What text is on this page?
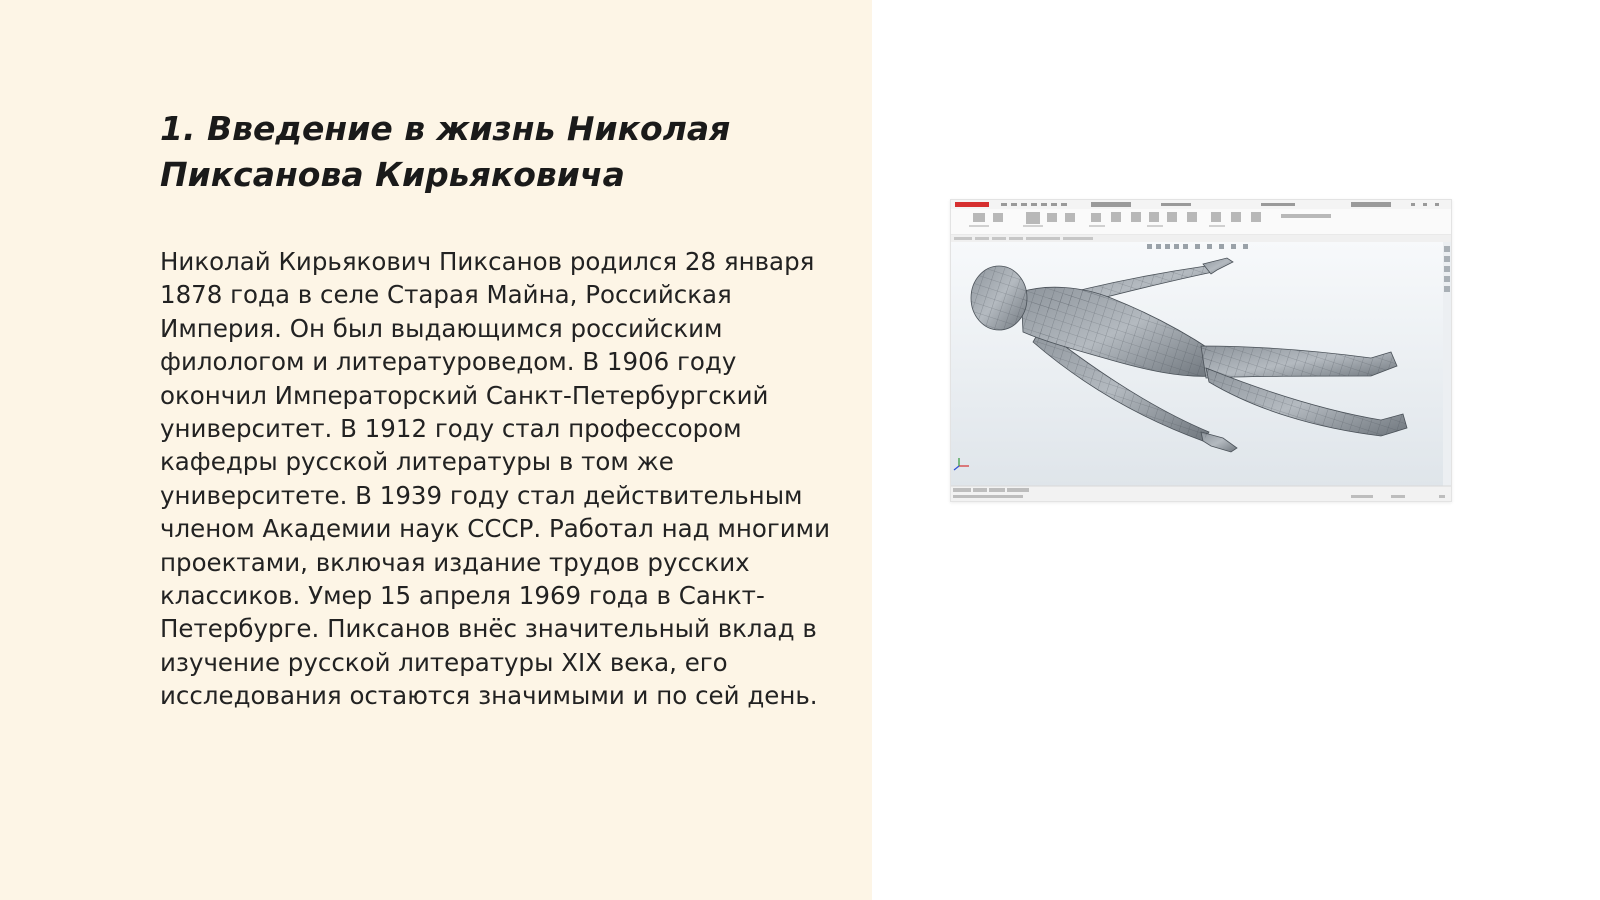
1. Введение в жизнь Николая Пиксанова Кирьяковича

Николай Кирьякович Пиксанов родился 28 января 1878 года в селе Старая Майна, Российская Империя. Он был выдающимся российским филологом и литературоведом. В 1906 году окончил Императорский Санкт-Петербургский университет. В 1912 году стал профессором кафедры русской литературы в том же университете. В 1939 году стал действительным членом Академии наук СССР. Работал над многими проектами, включая издание трудов русских классиков. Умер 15 апреля 1969 года в Санкт-Петербурге. Пиксанов внёс значительный вклад в изучение русской литературы XIX века, его исследования остаются значимыми и по сей день.
